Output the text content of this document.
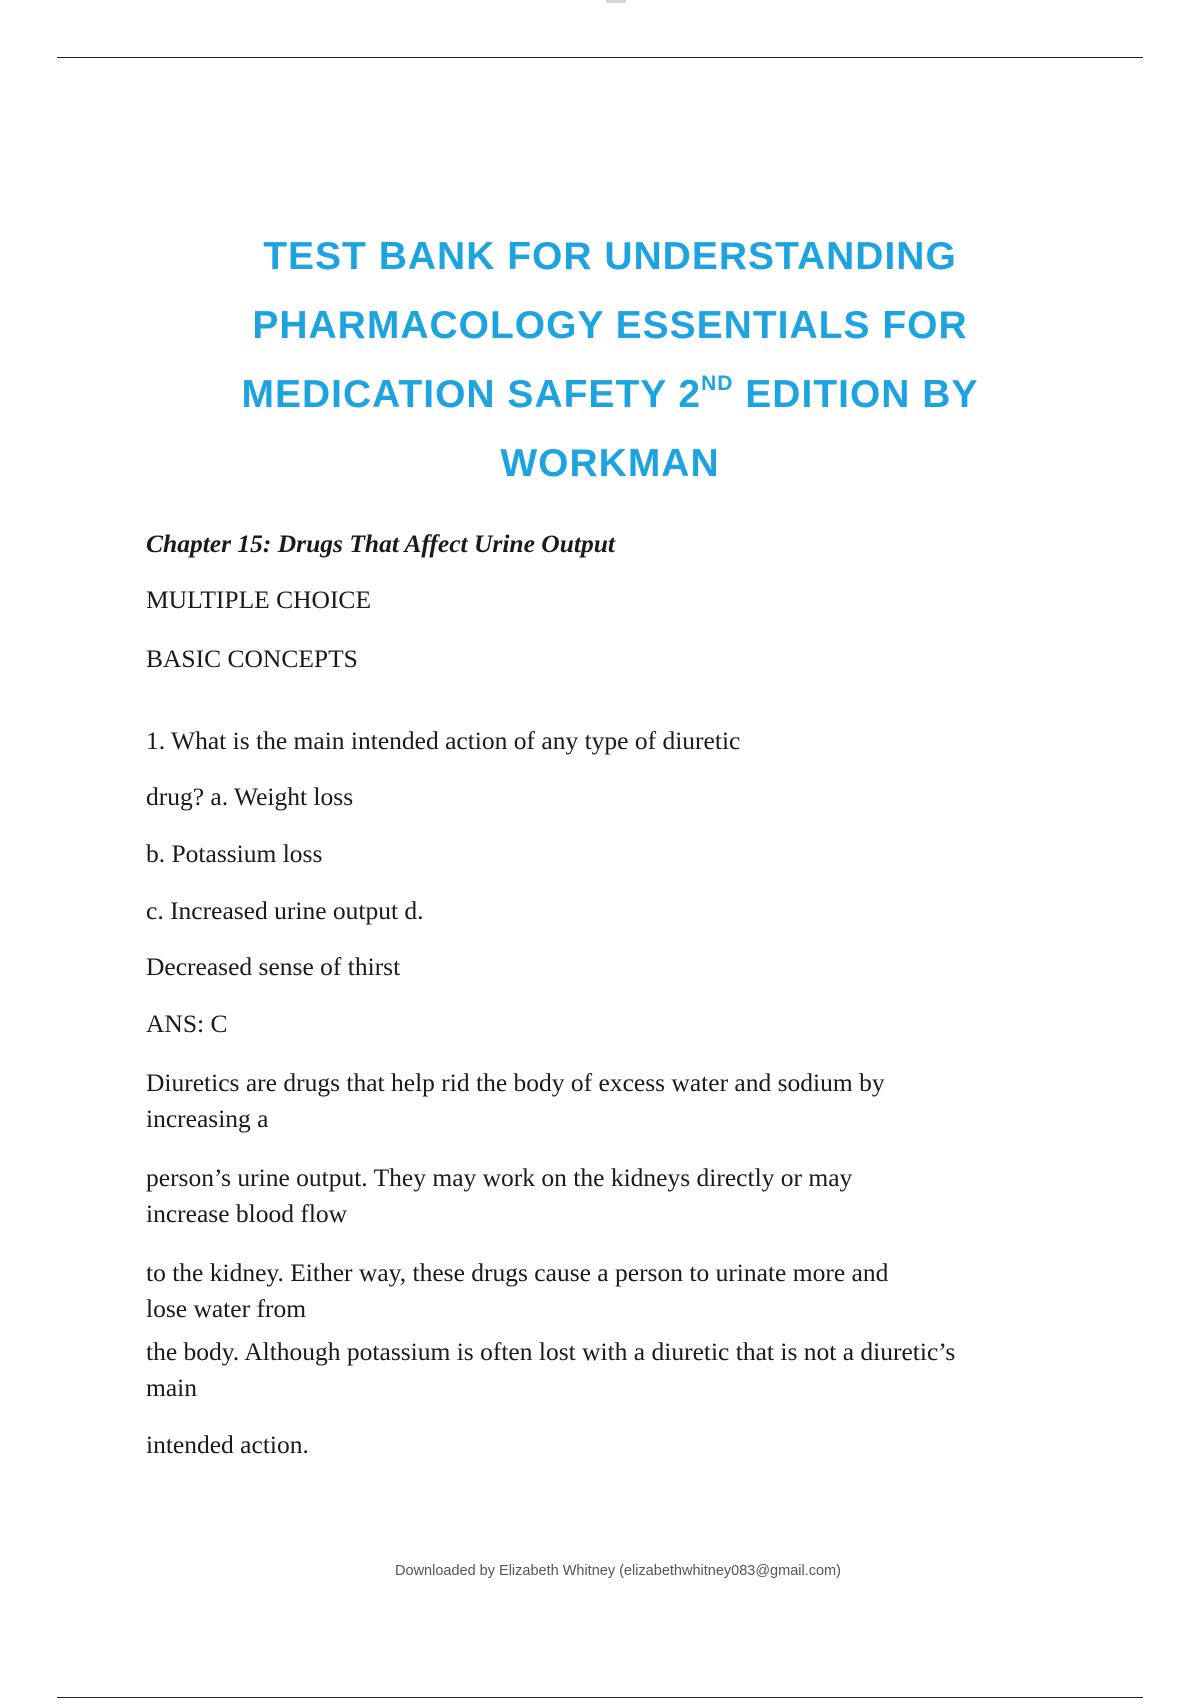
TEST BANK FOR UNDERSTANDING
PHARMACOLOGY ESSENTIALS FOR
MEDICATION SAFETY 2ND EDITION BY
WORKMAN

Chapter 15: Drugs That Affect Urine Output

MULTIPLE CHOICE

BASIC CONCEPTS

1. What is the main intended action of any type of diuretic

drug? a. Weight loss

b. Potassium loss

c. Increased urine output d.

Decreased sense of thirst

ANS: C

Diuretics are drugs that help rid the body of excess water and sodium by

increasing a

person’s urine output. They may work on the kidneys directly or may

increase blood flow

to the kidney. Either way, these drugs cause a person to urinate more and

lose water from

the body. Although potassium is often lost with a diuretic that is not a diuretic’s

main

intended action.

Downloaded by Elizabeth Whitney (elizabethwhitney083@gmail.com)
